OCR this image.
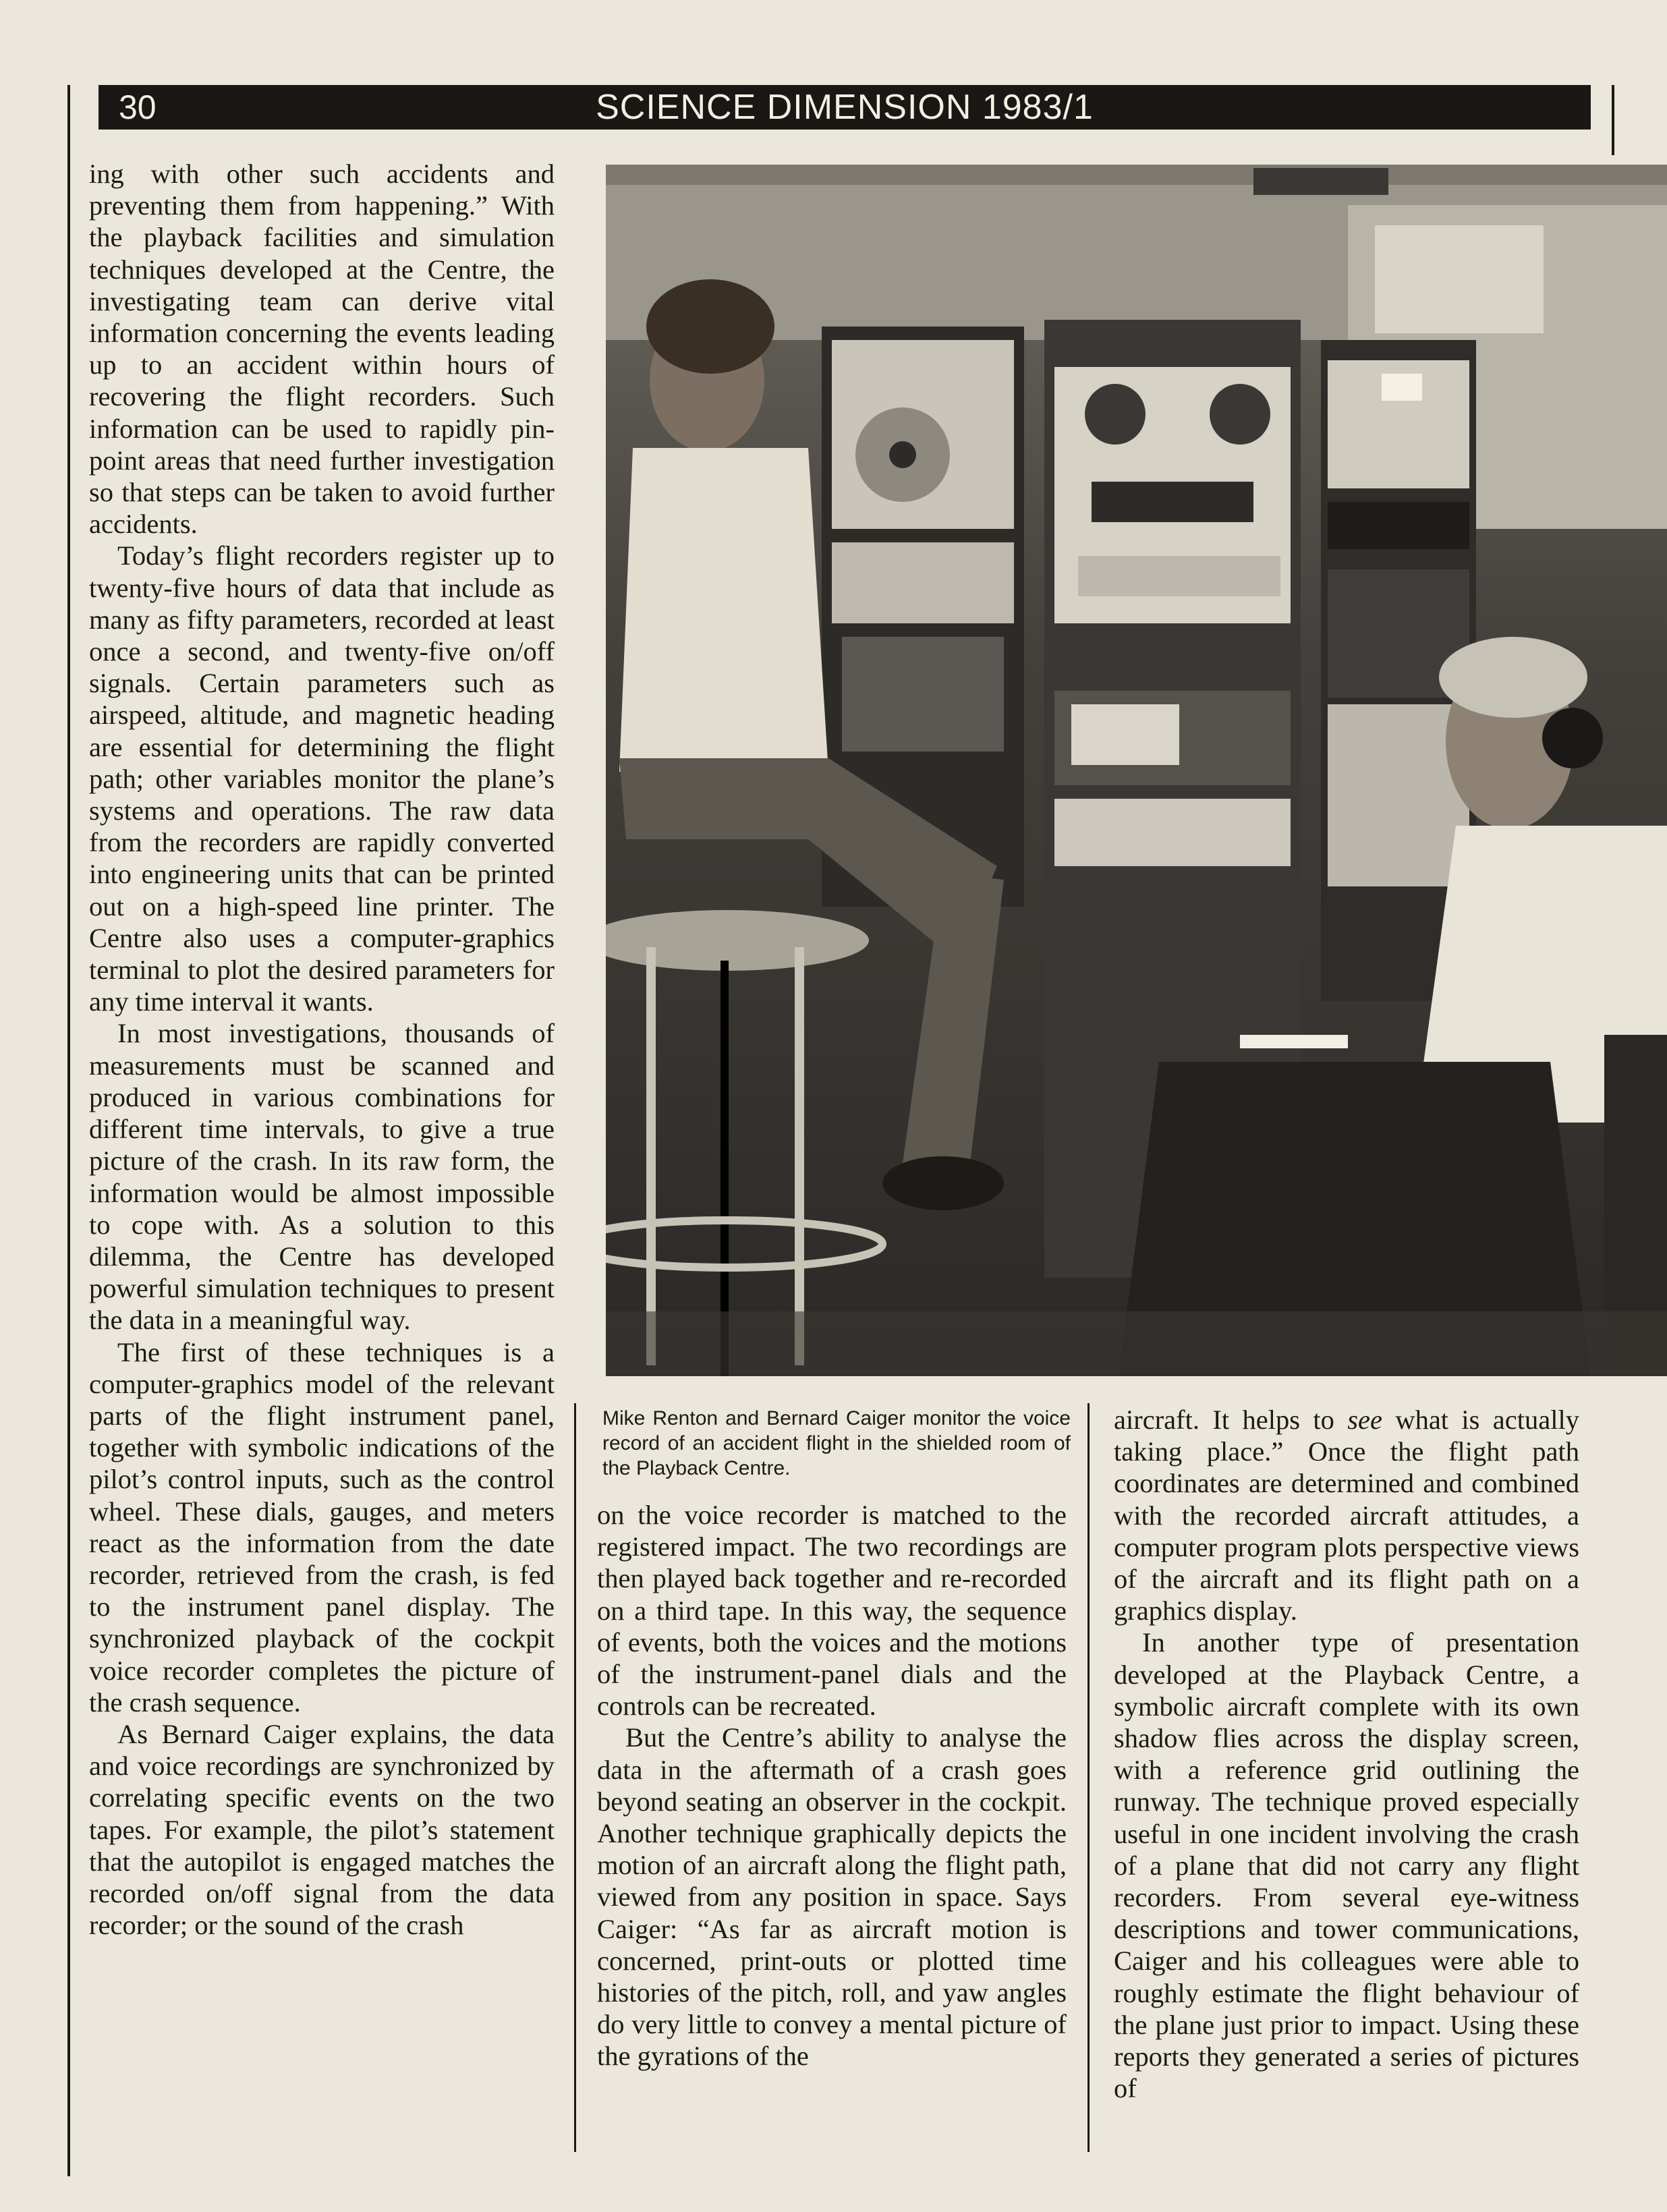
30	SCIENCE DIMENSION 1983/1

ing with other such accidents and preventing them from happening.” With the playback facilities and simulation techniques developed at the Centre, the investigating team can derive vital information concerning the events leading up to an accident within hours of recovering the flight recorders. Such information can be used to rapidly pin-point areas that need further investigation so that steps can be taken to avoid further accidents.

Today’s flight recorders register up to twenty-five hours of data that include as many as fifty parameters, recorded at least once a second, and twenty-five on/off signals. Certain parameters such as airspeed, altitude, and magnetic heading are essential for determining the flight path; other variables monitor the plane’s systems and operations. The raw data from the recorders are rapidly converted into engineering units that can be printed out on a high-speed line printer. The Centre also uses a computer-graphics terminal to plot the desired parameters for any time interval it wants.

In most investigations, thousands of measurements must be scanned and produced in various combinations for different time intervals, to give a true picture of the crash. In its raw form, the information would be almost impossible to cope with. As a solution to this dilemma, the Centre has developed powerful simulation techniques to present the data in a meaningful way.

The first of these techniques is a computer-graphics model of the relevant parts of the flight instrument panel, together with symbolic indications of the pilot’s control inputs, such as the control wheel. These dials, gauges, and meters react as the information from the date recorder, retrieved from the crash, is fed to the instrument panel display. The synchronized playback of the cockpit voice recorder completes the picture of the crash sequence.

As Bernard Caiger explains, the data and voice recordings are synchronized by correlating specific events on the two tapes. For example, the pilot’s statement that the autopilot is engaged matches the recorded on/off signal from the data recorder; or the sound of the crash

Mike Renton and Bernard Caiger monitor the voice record of an accident flight in the shielded room of the Playback Centre.

on the voice recorder is matched to the registered impact. The two recordings are then played back together and re-recorded on a third tape. In this way, the sequence of events, both the voices and the motions of the instrument-panel dials and the controls can be recreated.

But the Centre’s ability to analyse the data in the aftermath of a crash goes beyond seating an observer in the cockpit. Another technique graphically depicts the motion of an aircraft along the flight path, viewed from any position in space. Says Caiger: “As far as aircraft motion is concerned, print-outs or plotted time histories of the pitch, roll, and yaw angles do very little to convey a mental picture of the gyrations of the

aircraft. It helps to see what is actually taking place.” Once the flight path coordinates are determined and combined with the recorded aircraft attitudes, a computer program plots perspective views of the aircraft and its flight path on a graphics display.

In another type of presentation developed at the Playback Centre, a symbolic aircraft complete with its own shadow flies across the display screen, with a reference grid outlining the runway. The technique proved especially useful in one incident involving the crash of a plane that did not carry any flight recorders. From several eye-witness descriptions and tower communications, Caiger and his colleagues were able to roughly estimate the flight behaviour of the plane just prior to impact. Using these reports they generated a series of pictures of
